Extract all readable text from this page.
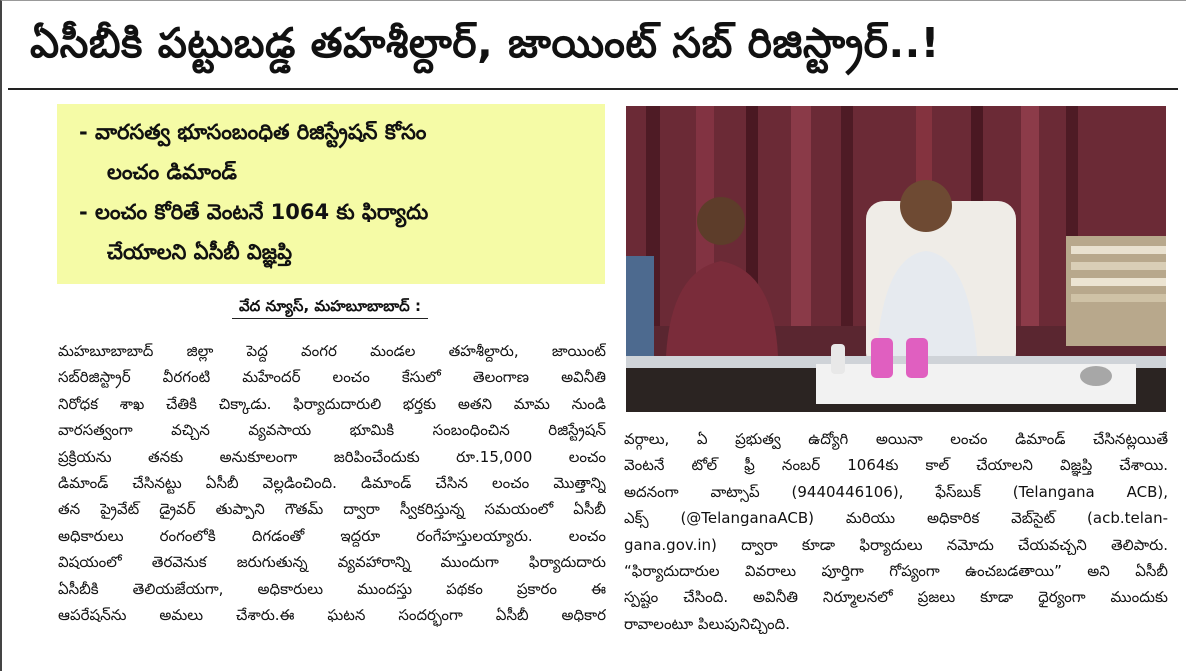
ఏసీబీకి పట్టుబడ్డ తహశీల్దార్, జాయింట్ సబ్ రిజిస్ట్రార్..!
- వారసత్వ భూసంబంధిత రిజిస్ట్రేషన్ కోసం
లంచం డిమాండ్
- లంచం కోరితే వెంటనే 1064 కు ఫిర్యాదు
చేయాలని ఏసీబీ విజ్ఞప్తి
వేద న్యూస్, మహబూబాబాద్ :
మహబూబాబాద్ జిల్లా పెద్ద వంగర మండల తహశీల్దారు, జాయింట్
సబ్‌రిజిస్ట్రార్ వీరగంటి మహేందర్ లంచం కేసులో తెలంగాణ అవినీతి
నిరోధక శాఖ చేతికి చిక్కాడు. ఫిర్యాదుదారులి భర్తకు అతని మామ నుండి
వారసత్వంగా వచ్చిన వ్యవసాయ భూమికి సంబంధించిన రిజిస్ట్రేషన్
ప్రక్రియను తనకు అనుకూలంగా జరిపించేందుకు రూ.15,000 లంచం
డిమాండ్ చేసినట్టు ఏసీబీ వెల్లడించింది. డిమాండ్ చేసిన లంచం మొత్తాన్ని
తన ప్రైవేట్ డ్రైవర్ తుప్పాని గౌతమ్ ద్వారా స్వీకరిస్తున్న సమయంలో ఏసీబీ
అధికారులు రంగంలోకి దిగడంతో ఇద్దరూ రంగేహస్తులయ్యారు. లంచం
విషయంలో తెరవెనుక జరుగుతున్న వ్యవహారాన్ని ముందుగా ఫిర్యాదుదారు
ఏసీబీకి తెలియజేయగా, అధికారులు ముందస్తు పథకం ప్రకారం ఈ
ఆపరేషన్‌ను అమలు చేశారు.ఈ ఘటన సందర్భంగా ఏసీబీ అధికార
వర్గాలు, ఏ ప్రభుత్వ ఉద్యోగి అయినా లంచం డిమాండ్ చేసినట్లయితే
వెంటనే టోల్ ఫ్రీ నంబర్ 1064కు కాల్ చేయాలని విజ్ఞప్తి చేశాయి.
అదనంగా వాట్సాప్ (9440446106), ఫేస్‌బుక్ (Telangana ACB),
ఎక్స్ (@TelanganaACB) మరియు అధికారిక వెబ్‌సైట్ (acb.telan-
gana.gov.in) ద్వారా కూడా ఫిర్యాదులు నమోదు చేయవచ్చని తెలిపారు.
“ఫిర్యాదుదారుల వివరాలు పూర్తిగా గోప్యంగా ఉంచబడతాయి” అని ఏసీబీ
స్పష్టం చేసింది. అవినీతి నిర్మూలనలో ప్రజలు కూడా ధైర్యంగా ముందుకు
రావాలంటూ పిలుపునిచ్చింది.
